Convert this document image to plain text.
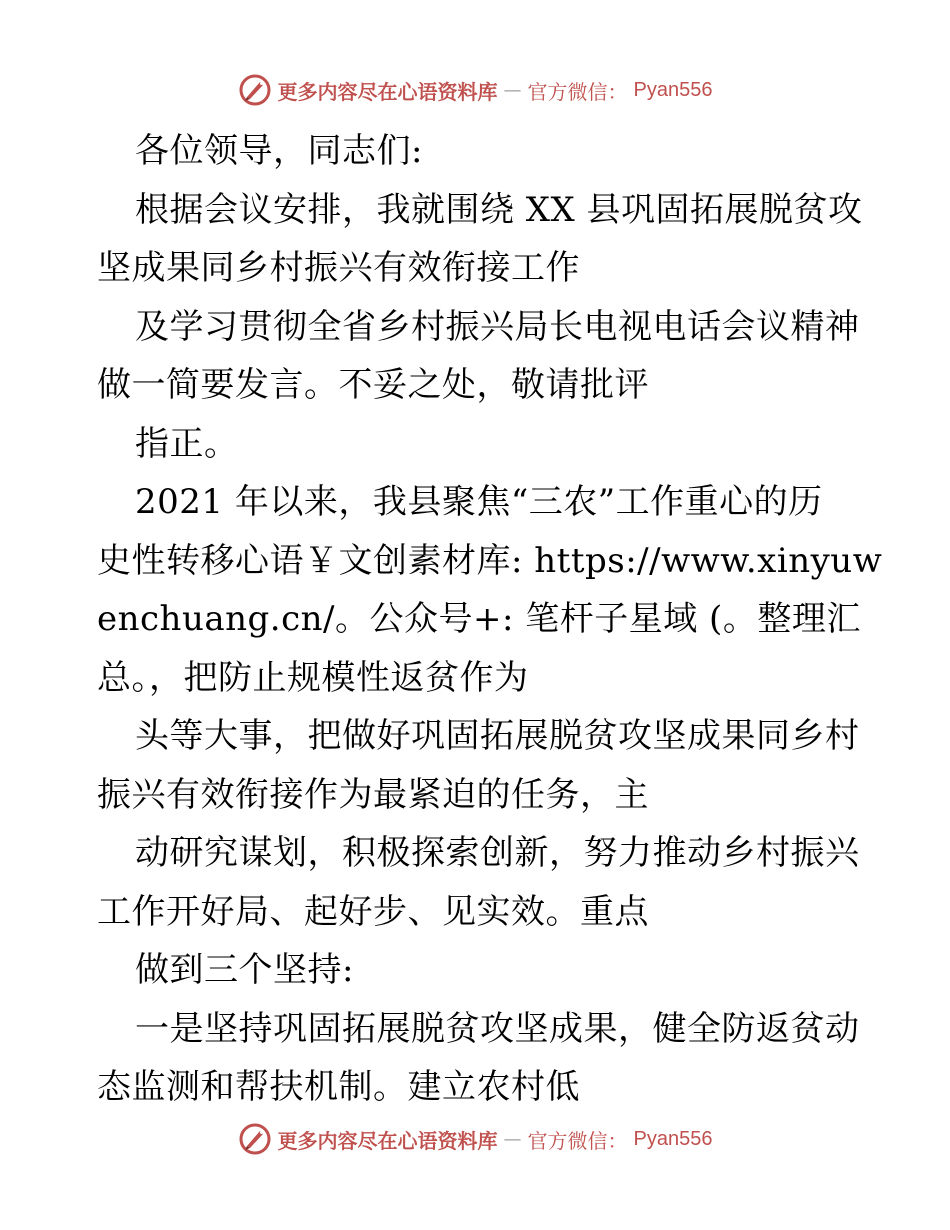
更多内容尽在心语资料库 — 官方微信： Pyan556
各位领导，同志们:
根据会议安排，我就围绕 XX 县巩固拓展脱贫攻
坚成果同乡村振兴有效衔接工作
及学习贯彻全省乡村振兴局长电视电话会议精神
做一简要发言。不妥之处，敬请批评
指正。
2021 年以来，我县聚焦“三农”工作重心的历
史性转移心语￥文创素材库: https://www.xinyuw
enchuang.cn/。公众号+: 笔杆子星域 (。整理汇
总。，把防止规模性返贫作为
头等大事，把做好巩固拓展脱贫攻坚成果同乡村
振兴有效衔接作为最紧迫的任务，主
动研究谋划，积极探索创新，努力推动乡村振兴
工作开好局、起好步、见实效。重点
做到三个坚持:
一是坚持巩固拓展脱贫攻坚成果，健全防返贫动
态监测和帮扶机制。建立农村低
更多内容尽在心语资料库 — 官方微信： Pyan556
